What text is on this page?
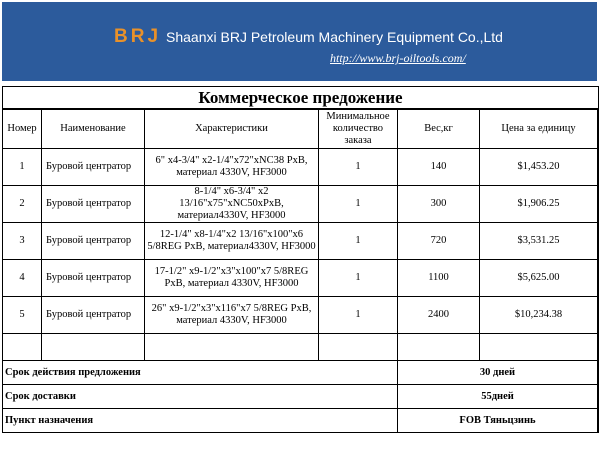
BRJ Shaanxi BRJ Petroleum Machinery Equipment Co.,Ltd
http://www.brj-oiltools.com/
Коммерческое предожение
Номер	Наименование	Характеристики	Минимальное количество заказа	Вес,кг	Цена за единицу
1	Буровой центратор	6" x4-3/4" x2-1/4"x72"xNC38 PxB, материал 4330V, HF3000	1	140	$1,453.20
2	Буровой центратор	8-1/4" x6-3/4" x2 13/16"x75"xNC50xPxB, материал4330V, HF3000	1	300	$1,906.25
3	Буровой центратор	12-1/4" x8-1/4"x2 13/16"x100"x6 5/8REG PxB, материал4330V, HF3000	1	720	$3,531.25
4	Буровой центратор	17-1/2" x9-1/2"x3"x100"x7 5/8REG PxB, материал 4330V, HF3000	1	1100	$5,625.00
5	Буровой центратор	26" x9-1/2"x3"x116"x7 5/8REG PxB, материал 4330V, HF3000	1	2400	$10,234.38

Срок действия предложения				30 дней	
Срок доставки				55дней	
Пункт назначения				FOB Тяньцзинь	
